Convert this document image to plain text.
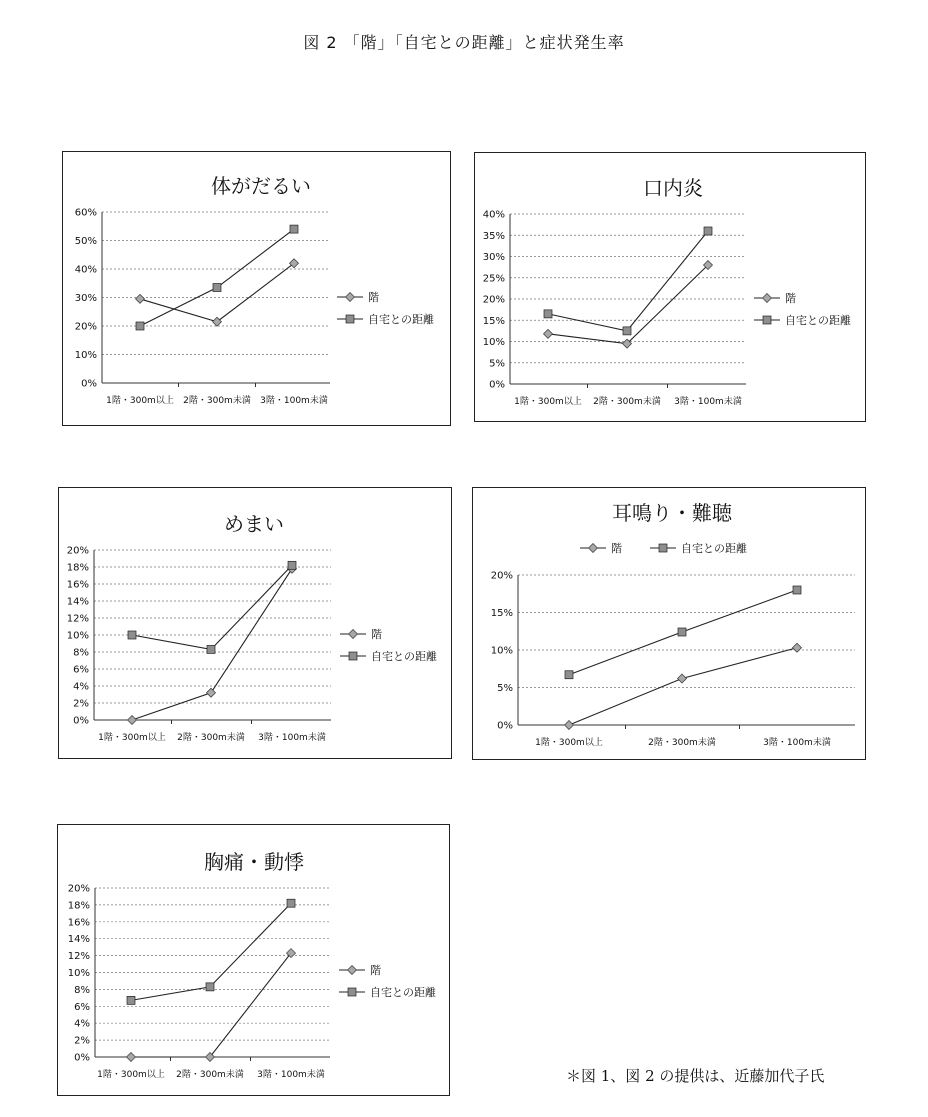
図 2 「階」「自宅との距離」と症状発生率
体がだるい
60%
50%
40%
30%
20%
10%
0%
1階・300m以上 2階・300m未満 3階・100m未満
階
自宅との距離
口内炎
40%
35%
30%
25%
20%
15%
10%
5%
0%
1階・300m以上 2階・300m未満 3階・100m未満
階
自宅との距離
めまい
20%
18%
16%
14%
12%
10%
8%
6%
4%
2%
0%
1階・300m以上 2階・300m未満 3階・100m未満
階
自宅との距離
耳鳴り・難聴
20%
15%
10%
5%
0%
1階・300m以上	2階・300m未満	3階・100m未満
階	自宅との距離
胸痛・動悸
20%
18%
16%
14%
12%
10%
8%
6%
4%
2%
0%
1階・300m以上 2階・300m未満 3階・100m未満
階
自宅との距離
＊図 1、図 2 の提供は、近藤加代子氏
